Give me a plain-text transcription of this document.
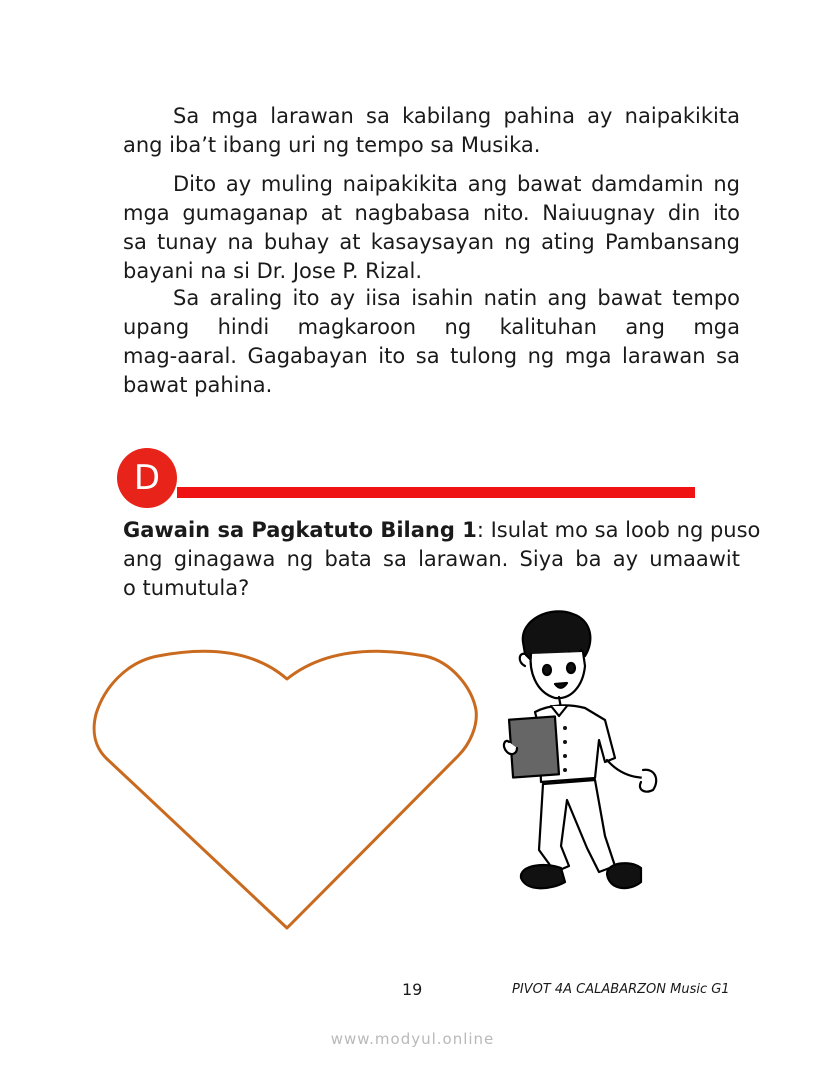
Sa mga larawan sa kabilang pahina ay naipakikita
ang iba’t ibang uri ng tempo sa Musika.
Dito ay muling naipakikita ang bawat damdamin ng
mga gumaganap at nagbabasa nito. Naiuugnay din ito
sa tunay na buhay at kasaysayan ng ating Pambansang
bayani na si Dr. Jose P. Rizal.
Sa araling ito ay iisa isahin natin ang bawat tempo
upang hindi magkaroon ng kalituhan ang mga
mag-aaral. Gagabayan ito sa tulong ng mga larawan sa
bawat pahina.
D
Gawain sa Pagkatuto Bilang 1: Isulat mo sa loob ng puso
ang ginagawa ng bata sa larawan. Siya ba ay umaawit
o tumutula?
19	PIVOT 4A CALABARZON Music G1
www.modyul.online
